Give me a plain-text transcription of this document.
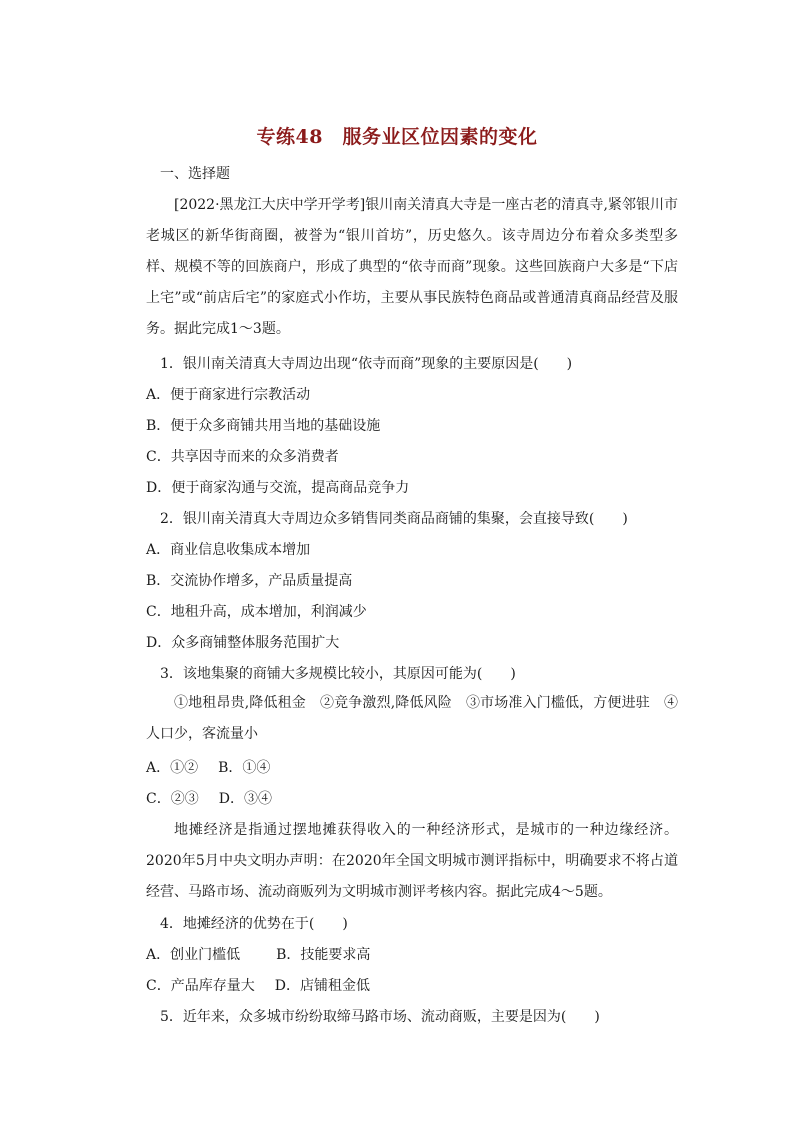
专练48　服务业区位因素的变化
一、选择题
[2022·黑龙江大庆中学开学考]银川南关清真大寺是一座古老的清真寺,紧邻银川市老城区的新华街商圈，被誉为“银川首坊”，历史悠久。该寺周边分布着众多类型多样、规模不等的回族商户，形成了典型的“依寺而商”现象。这些回族商户大多是“下店上宅”或“前店后宅”的家庭式小作坊，主要从事民族特色商品或普通清真商品经营及服务。据此完成1～3题。
1．银川南关清真大寺周边出现“依寺而商”现象的主要原因是(　　)
A．便于商家进行宗教活动
B．便于众多商铺共用当地的基础设施
C．共享因寺而来的众多消费者
D．便于商家沟通与交流，提高商品竞争力
2．银川南关清真大寺周边众多销售同类商品商铺的集聚，会直接导致(　　)
A．商业信息收集成本增加
B．交流协作增多，产品质量提高
C．地租升高，成本增加，利润减少
D．众多商铺整体服务范围扩大
3．该地集聚的商铺大多规模比较小，其原因可能为(　　)
①地租昂贵,降低租金　②竞争激烈,降低风险　③市场准入门槛低，方便进驻　④人口少，客流量小
A．①② B．①④
C．②③ D．③④
地摊经济是指通过摆地摊获得收入的一种经济形式，是城市的一种边缘经济。2020年5月中央文明办声明：在2020年全国文明城市测评指标中，明确要求不将占道经营、马路市场、流动商贩列为文明城市测评考核内容。据此完成4～5题。
4．地摊经济的优势在于(　　)
A．创业门槛低	B．技能要求高
C．产品库存量大 D．店铺租金低
5．近年来，众多城市纷纷取缔马路市场、流动商贩，主要是因为(　　)
